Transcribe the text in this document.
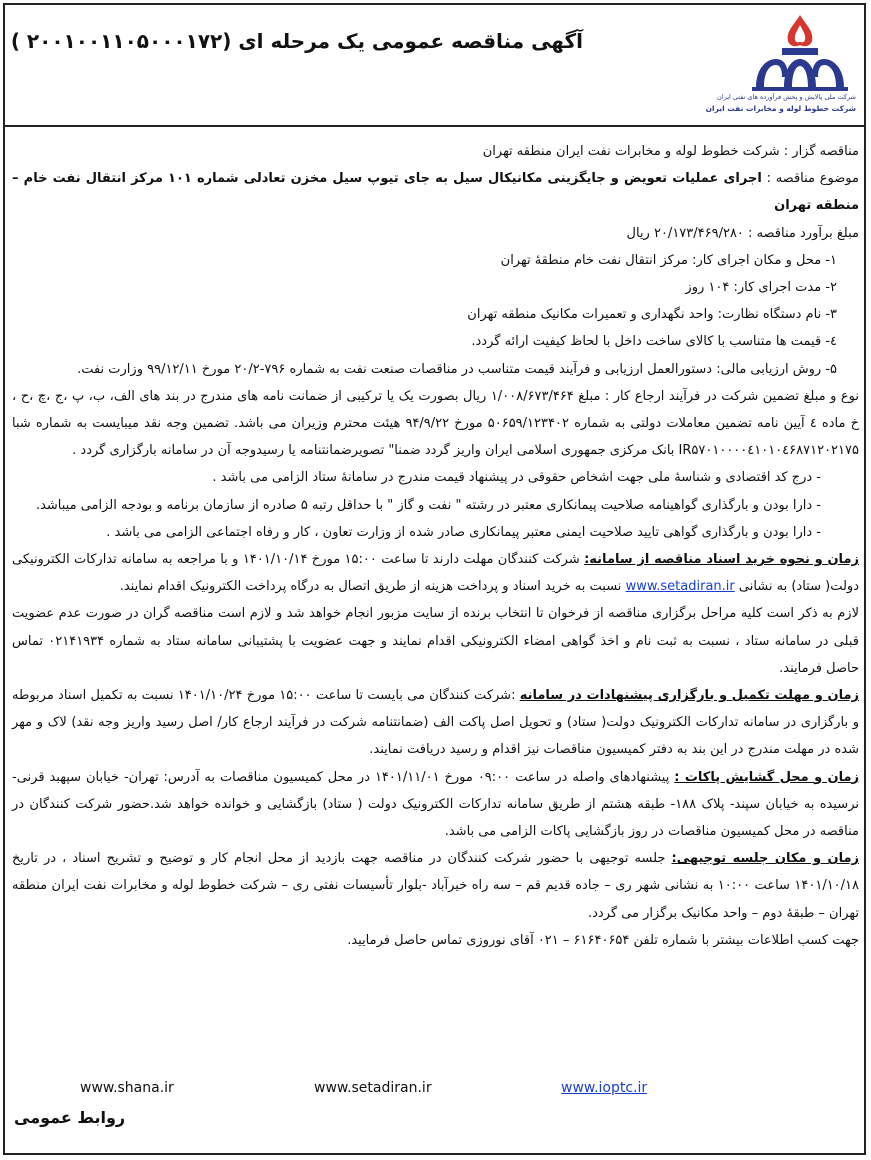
آگهی مناقصه عمومی یک مرحله ای (۲۰۰۱۰۰۱۱۰۵۰۰۰۱۷۲ )
شرکت ملی پالایش و پخش فرآورده های نفتی ایران
شرکت خطوط لوله و مخابرات نفت ایران

مناقصه گزار : شرکت خطوط لوله و مخابرات نفت ایران منطقه تهران

موضوع مناقصه : اجرای عملیات تعویض و جایگزینی مکانیکال سیل به جای تیوپ سیل مخزن تعادلی شماره ۱۰۱ مرکز انتقال نفت خام – منطقه تهران

مبلغ برآورد مناقصه : ۲۰/۱۷۳/۴۶۹/۲۸۰ ریال

۱- محل و مکان اجرای کار: مرکز انتقال نفت خام منطقۀ تهران

۲- مدت اجرای کار: ۱۰۴ روز

۳- نام دستگاه نظارت: واحد نگهداری و تعمیرات مکانیک منطقه تهران

٤- قیمت ها متناسب با کالای ساخت داخل با لحاظ کیفیت ارائه گردد.

۵- روش ارزیابی مالی: دستورالعمل ارزیابی و فرآیند قیمت متناسب در مناقصات صنعت نفت به شماره ۷۹۶-۲۰/۲ مورخ ۹۹/۱۲/۱۱ وزارت نفت.

نوع و مبلغ تضمین شرکت در فرآیند ارجاع کار : مبلغ ۱/۰۰۸/۶۷۳/۴۶۴ ریال بصورت یک یا ترکیبی از ضمانت نامه های مندرج در بند های الف، ب، پ ،ج ،چ ،ح ، خ ماده ٤ آیین نامه تضمین معاملات دولتی به شماره ۵۰۶۵۹/۱۲۳۴۰۲ مورخ ۹۴/۹/۲۲ هیئت محترم وزیران می باشد. تضمین وجه نقد میبایست به شماره شبا IR۵۷۰۱۰۰۰۰٤۱۰۱۰٤۶۸۷۱۲۰۲۱۷۵ بانک مرکزی جمهوری اسلامی ایران واریز گردد ضمنا" تصویرضمانتنامه یا رسیدوجه آن در سامانه بارگزاری گردد .

- درج کد اقتصادی و شناسۀ ملی جهت اشخاص حقوقی در پیشنهاد قیمت مندرج در سامانۀ ستاد الزامی می باشد .

- دارا بودن و بارگذاری گواهینامه صلاحیت پیمانکاری معتبر در رشته " نفت و گاز " با حداقل رتبه ۵ صادره از سازمان برنامه و بودجه الزامی میباشد.

- دارا بودن و بارگذاری گواهی تایید صلاحیت ایمنی معتبر پیمانکاری صادر شده از وزارت تعاون ، کار و رفاه اجتماعی الزامی می باشد .

زمان و نحوه خرید اسناد مناقصه از سامانه: شرکت کنندگان مهلت دارند تا ساعت ۱۵:۰۰ مورخ ۱۴۰۱/۱۰/۱۴ و با مراجعه به سامانه تدارکات الکترونیکی دولت( ستاد) به نشانی www.setadiran.ir نسبت به خرید اسناد و پرداخت هزینه از طریق اتصال به درگاه پرداخت الکترونیک اقدام نمایند.

لازم به ذکر است کلیه مراحل برگزاری مناقصه از فرخوان تا انتخاب برنده از سایت مزبور انجام خواهد شد و لازم است مناقصه گران در صورت عدم عضویت قبلی در سامانه ستاد ، نسبت به ثبت نام و اخذ گواهی امضاء الکترونیکی اقدام نمایند و جهت عضویت با پشتیبانی سامانه ستاد به شماره ۰۲۱۴۱۹۳۴ تماس حاصل فرمایند.

زمان و مهلت تکمیل و بارگزاری پیشنهادات در سامانه :شرکت کنندگان می بایست تا ساعت ۱۵:۰۰ مورخ ۱۴۰۱/۱۰/۲۴ نسبت به تکمیل اسناد مربوطه و بارگزاری در سامانه تدارکات الکترونیک دولت( ستاد) و تحویل اصل پاکت الف (ضمانتنامه شرکت در فرآیند ارجاع کار/ اصل رسید واریز وجه نقد) لاک و مهر شده در مهلت مندرج در این بند به دفتر کمیسیون مناقصات نیز اقدام و رسید دریافت نمایند.

زمان و محل گشایش پاکات : پیشنهادهای واصله در ساعت ۰۹:۰۰ مورخ ۱۴۰۱/۱۱/۰۱ در محل کمیسیون مناقصات به آدرس: تهران- خیابان سپهبد قرنی- نرسیده به خیابان سپند- پلاک ۱۸۸- طبقه هشتم از طریق سامانه تدارکات الکترونیک دولت ( ستاد) بازگشایی و خوانده خواهد شد.حضور شرکت کنندگان در مناقصه در محل کمیسیون مناقصات در روز بازگشایی پاکات الزامی می باشد.

زمان و مکان جلسه توجیهی: جلسه توجیهی با حضور شرکت کنندگان در مناقصه جهت بازدید از محل انجام کار و توضیح و تشریح اسناد ، در تاریخ ۱۴۰۱/۱۰/۱۸ ساعت ۱۰:۰۰ به نشانی شهر ری – جاده قدیم قم – سه راه خیرآباد -بلوار تأسیسات نفتی ری – شرکت خطوط لوله و مخابرات نفت ایران منطقه تهران – طبقۀ دوم – واحد مکانیک برگزار می گردد.

جهت کسب اطلاعات بیشتر با شماره تلفن ۶۱۶۴۰۶۵۴ – ۰۲۱ آقای نوروزی تماس حاصل فرمایید.

www.shana.ir	www.setadiran.ir	www.ioptc.ir
روابط عمومی
